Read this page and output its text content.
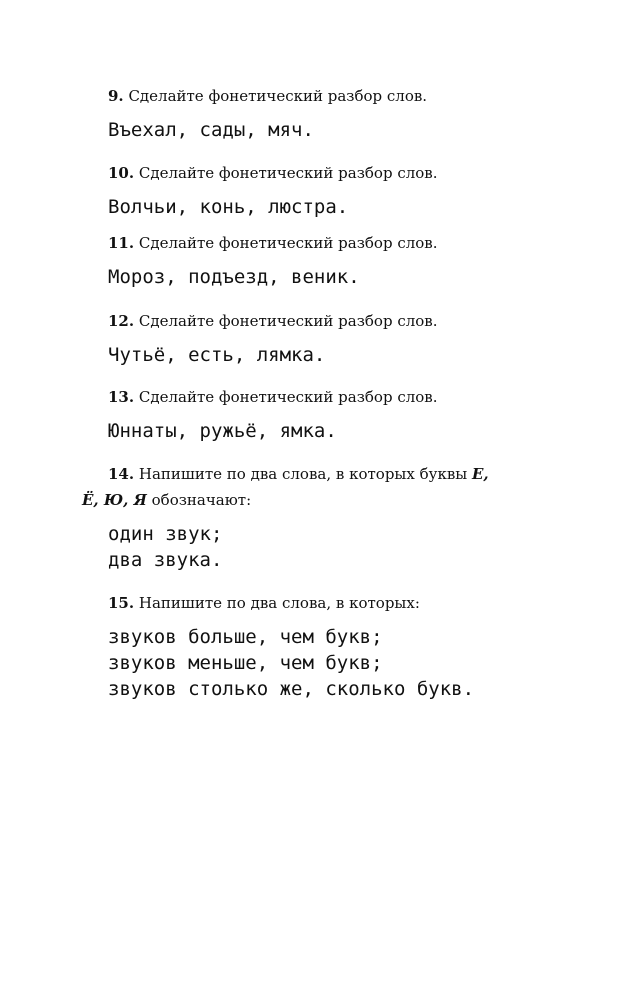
9. Сделайте фонетический разбор слов.
Въехал, сады, мяч.
10. Сделайте фонетический разбор слов.
Волчьи, конь, люстра.
11. Сделайте фонетический разбор слов.
Мороз, подъезд, веник.
12. Сделайте фонетический разбор слов.
Чутьё, есть, лямка.
13. Сделайте фонетический разбор слов.
Юннаты, ружьё, ямка.
14. Напишите по два слова, в которых буквы Е,
Ё, Ю, Я обозначают:
один звук;
два звука.
15. Напишите по два слова, в которых:
звуков больше, чем букв;
звуков меньше, чем букв;
звуков столько же, сколько букв.
